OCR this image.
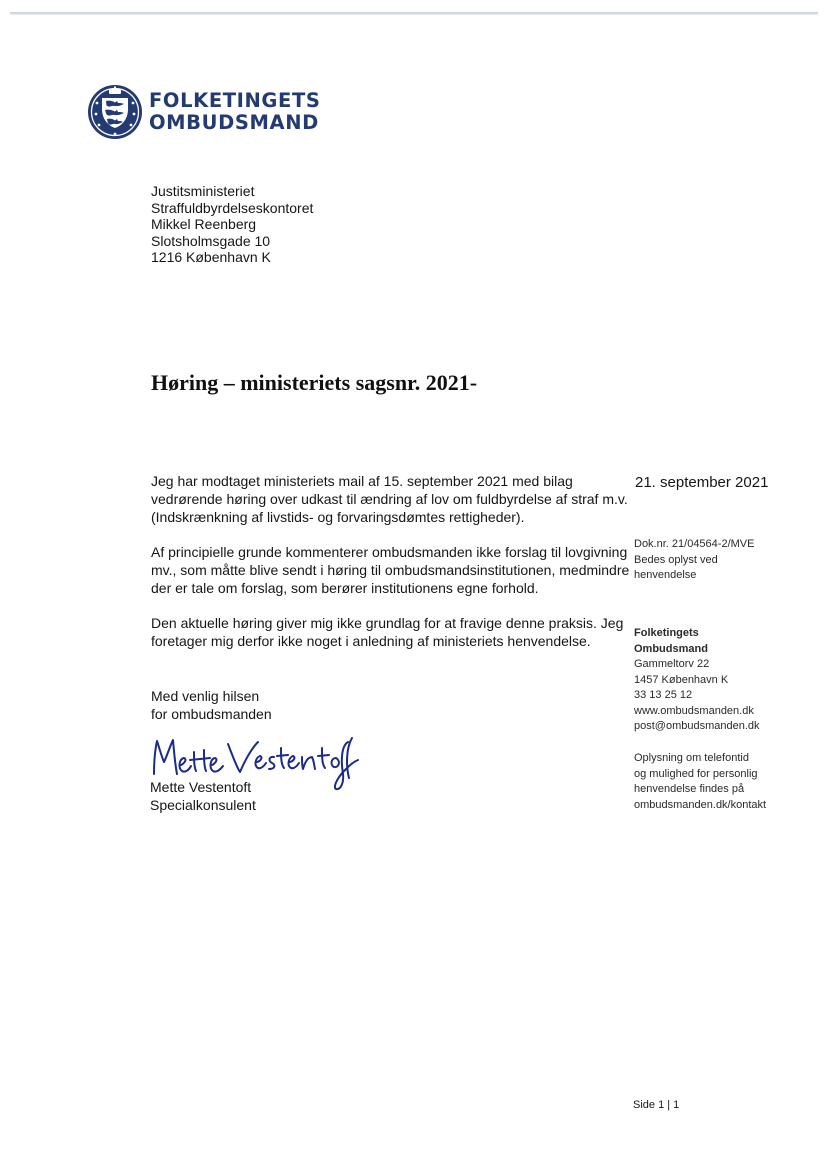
FOLKETINGETS
OMBUDSMAND
Justitsministeriet
Straffuldbyrdelseskontoret
Mikkel Reenberg
Slotsholmsgade 10
1216 København K
Høring – ministeriets sagsnr. 2021-

Jeg har modtaget ministeriets mail af 15. september 2021 med bilag
vedrørende høring over udkast til ændring af lov om fuldbyrdelse af straf m.v.
(Indskrænkning af livstids- og forvaringsdømtes rettigheder).

Af principielle grunde kommenterer ombudsmanden ikke forslag til lovgivning
mv., som måtte blive sendt i høring til ombudsmandsinstitutionen, medmindre
der er tale om forslag, som berører institutionens egne forhold.

Den aktuelle høring giver mig ikke grundlag for at fravige denne praksis. Jeg
foretager mig derfor ikke noget i anledning af ministeriets henvendelse.

Med venlig hilsen
for ombudsmanden
Mette Vestentoft
Specialkonsulent
21. september 2021
Dok.nr. 21/04564-2/MVE
Bedes oplyst ved
henvendelse
Folketingets
Ombudsmand
Gammeltorv 22
1457 København K
33 13 25 12
www.ombudsmanden.dk
post@ombudsmanden.dk
Oplysning om telefontid
og mulighed for personlig
henvendelse findes på
ombudsmanden.dk/kontakt
Side 1 | 1
